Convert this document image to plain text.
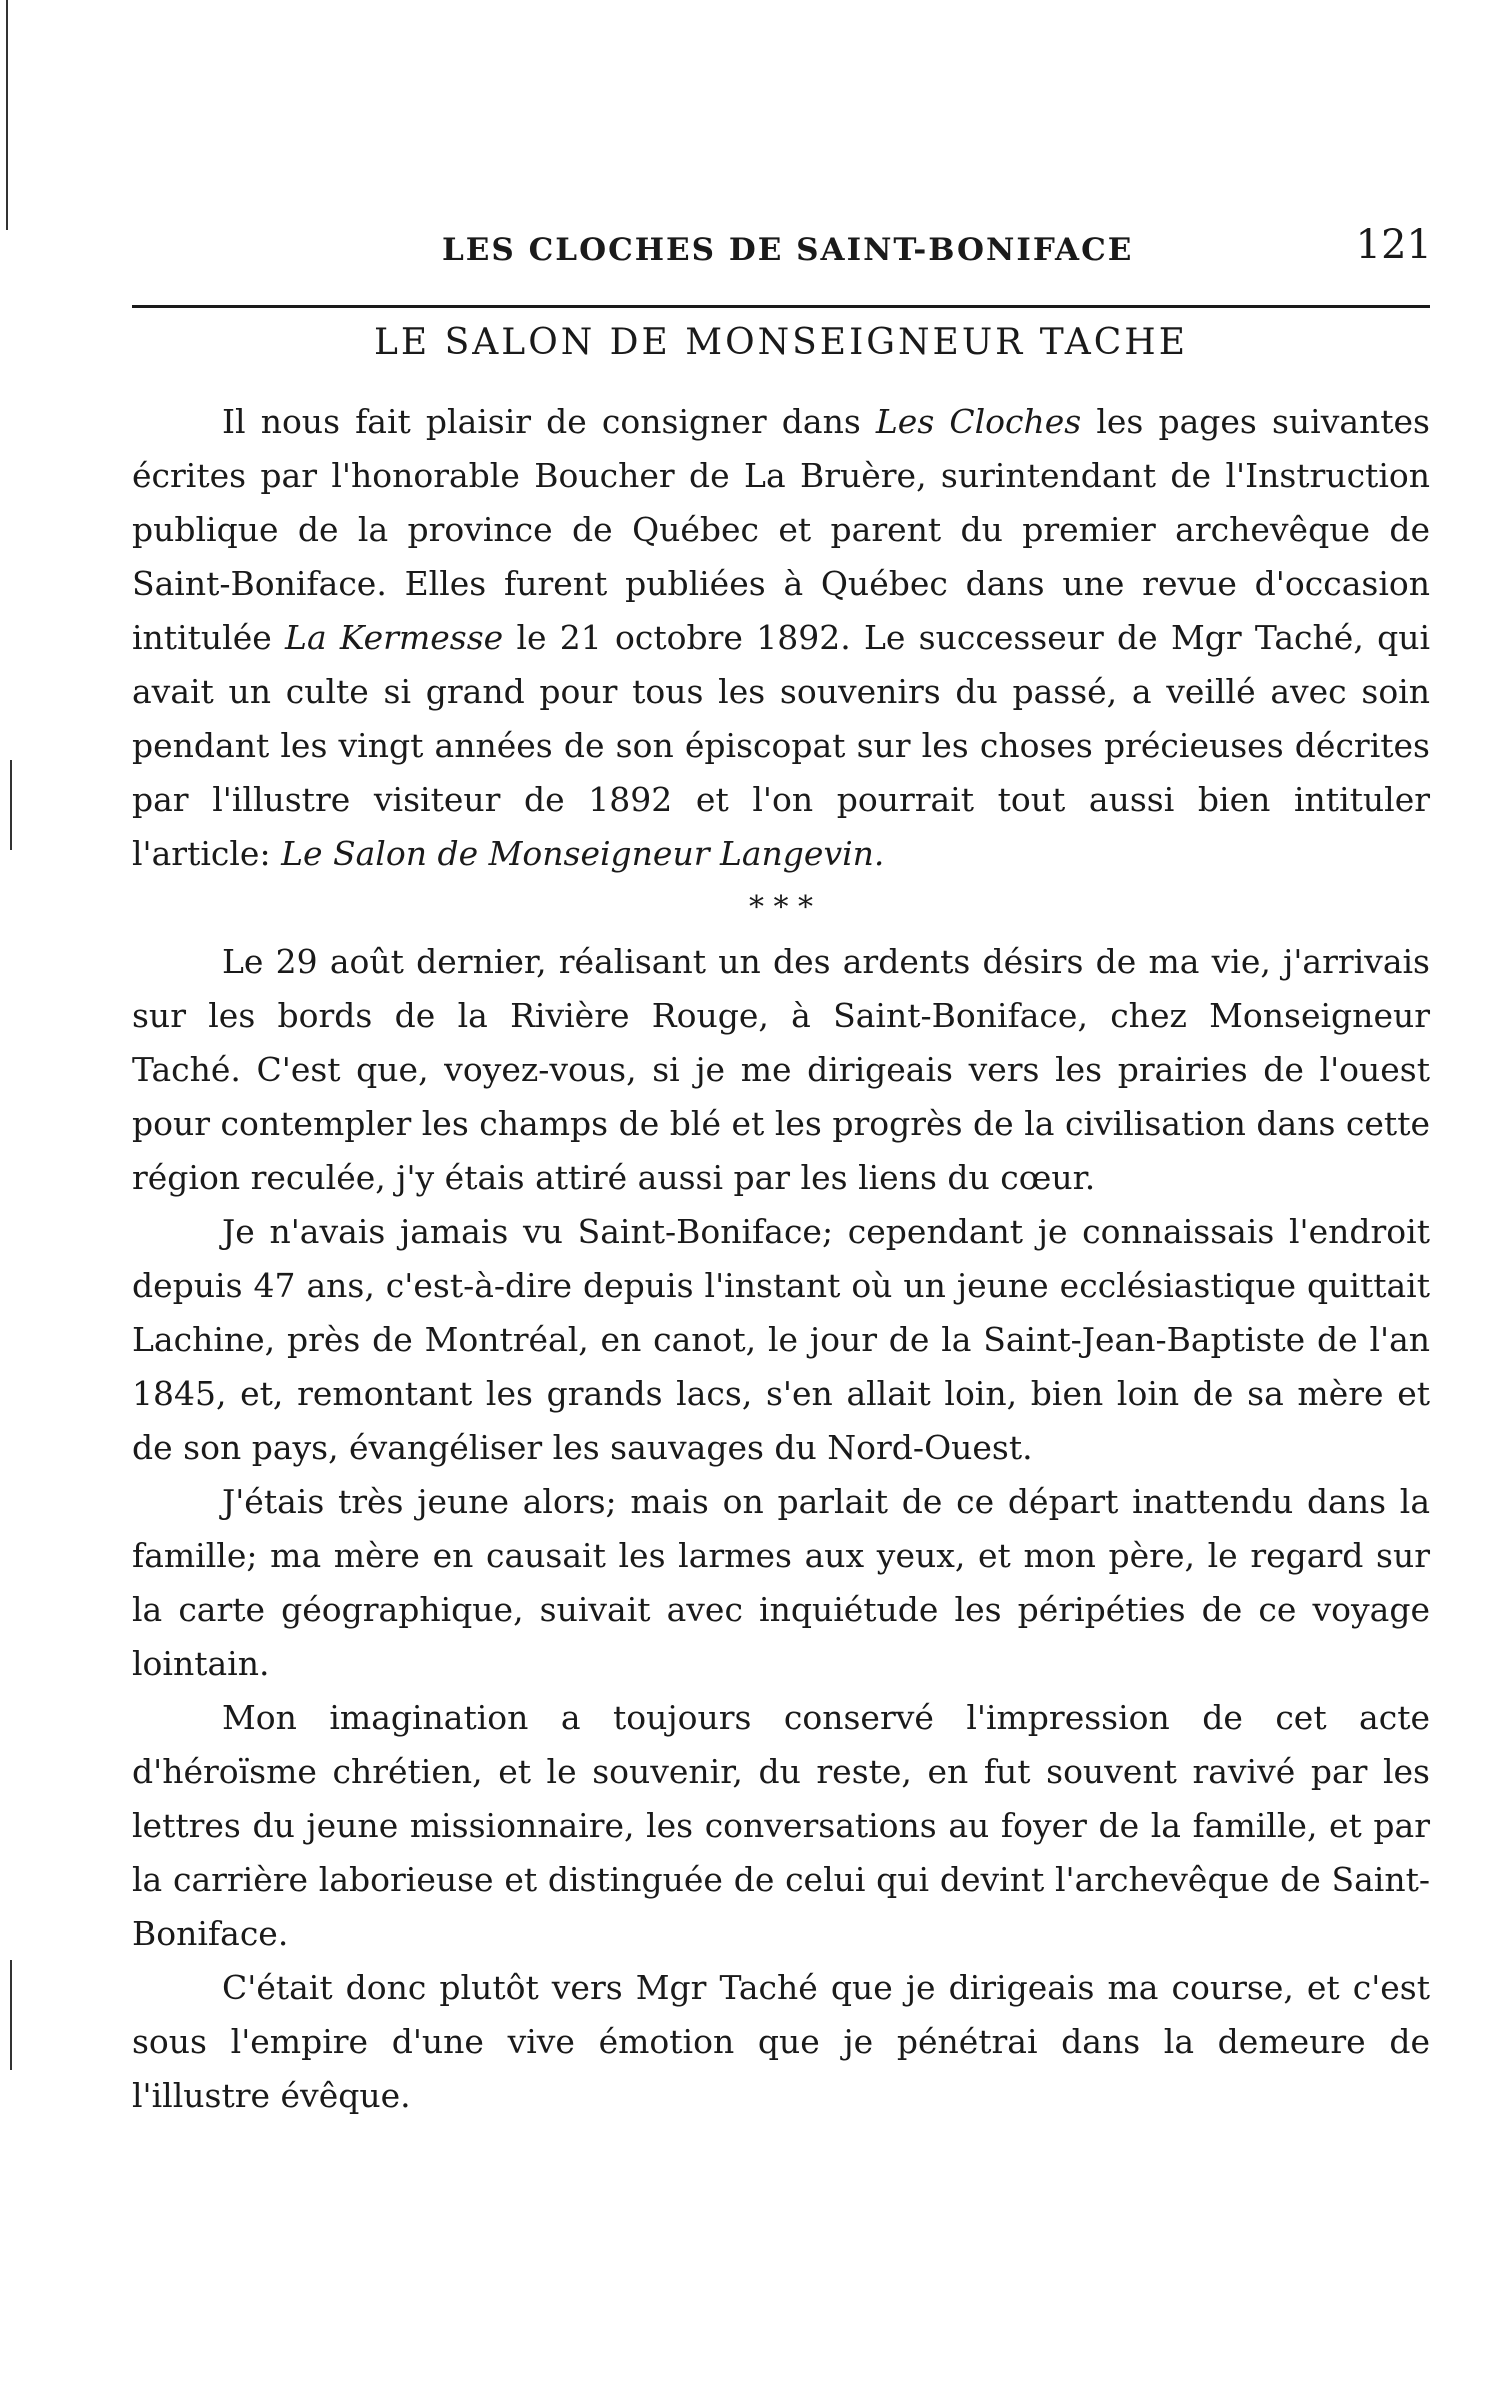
LES CLOCHES DE SAINT-BONIFACE	121
LE SALON DE MONSEIGNEUR TACHE

Il nous fait plaisir de consigner dans Les Cloches les pages suivantes écrites par l'honorable Boucher de La Bruère, surintendant de l'Instruction publique de la province de Québec et parent du premier archevêque de Saint-Boniface. Elles furent publiées à Québec dans une revue d'occasion intitulée La Kermesse le 21 octobre 1892. Le successeur de Mgr Taché, qui avait un culte si grand pour tous les souvenirs du passé, a veillé avec soin pendant les vingt années de son épiscopat sur les choses précieuses décrites par l'illustre visiteur de 1892 et l'on pourrait tout aussi bien intituler l'article: Le Salon de Monseigneur Langevin.

* * *

Le 29 août dernier, réalisant un des ardents désirs de ma vie, j'arrivais sur les bords de la Rivière Rouge, à Saint-Boniface, chez Monseigneur Taché. C'est que, voyez-vous, si je me dirigeais vers les prairies de l'ouest pour contempler les champs de blé et les progrès de la civilisation dans cette région reculée, j'y étais attiré aussi par les liens du cœur.

Je n'avais jamais vu Saint-Boniface; cependant je connaissais l'endroit depuis 47 ans, c'est-à-dire depuis l'instant où un jeune ecclésiastique quittait Lachine, près de Montréal, en canot, le jour de la Saint-Jean-Baptiste de l'an 1845, et, remontant les grands lacs, s'en allait loin, bien loin de sa mère et de son pays, évangéliser les sauvages du Nord-Ouest.

J'étais très jeune alors; mais on parlait de ce départ inattendu dans la famille; ma mère en causait les larmes aux yeux, et mon père, le regard sur la carte géographique, suivait avec inquiétude les péripéties de ce voyage lointain.

Mon imagination a toujours conservé l'impression de cet acte d'héroïsme chrétien, et le souvenir, du reste, en fut souvent ravivé par les lettres du jeune missionnaire, les conversations au foyer de la famille, et par la carrière laborieuse et distinguée de celui qui devint l'archevêque de Saint-Boniface.

C'était donc plutôt vers Mgr Taché que je dirigeais ma course, et c'est sous l'empire d'une vive émotion que je pénétrai dans la demeure de l'illustre évêque.
